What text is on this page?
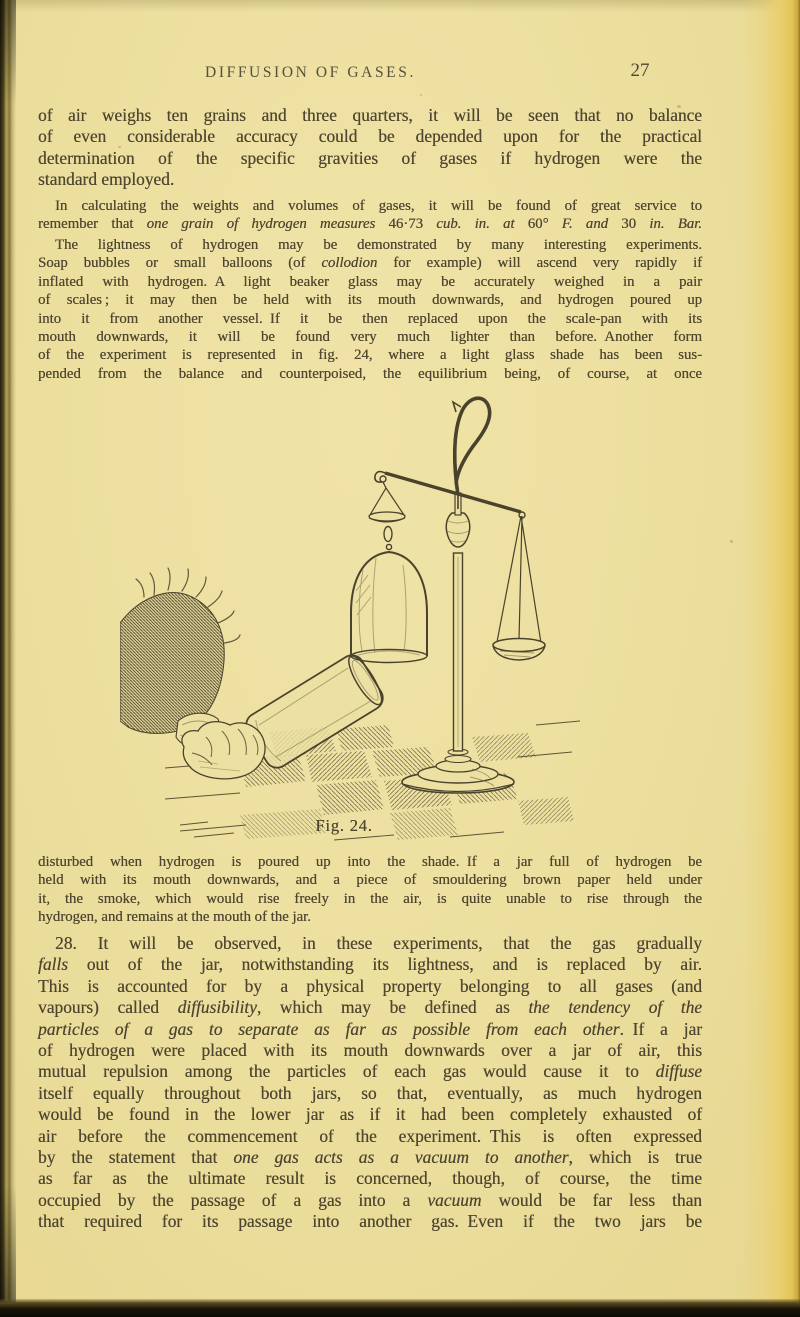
DIFFUSION OF GASES.	27
of air weighs ten grains and three quarters, it will be seen that no balance
of even considerable accuracy could be depended upon for the practical
determination of the specific gravities of gases if hydrogen were the
standard employed.
In calculating the weights and volumes of gases, it will be found of great service to
remember that one grain of hydrogen measures 46·73 cub. in. at 60° F. and 30 in. Bar.
The lightness of hydrogen may be demonstrated by many interesting experiments.
Soap bubbles or small balloons (of collodion for example) will ascend very rapidly if
inflated with hydrogen. A light beaker glass may be accurately weighed in a pair
of scales ; it may then be held with its mouth downwards, and hydrogen poured up
into it from another vessel. If it be then replaced upon the scale-pan with its
mouth downwards, it will be found very much lighter than before. Another form
of the experiment is represented in fig. 24, where a light glass shade has been sus-
pended from the balance and counterpoised, the equilibrium being, of course, at once
disturbed when hydrogen is poured up into the shade. If a jar full of hydrogen be
held with its mouth downwards, and a piece of smouldering brown paper held under
it, the smoke, which would rise freely in the air, is quite unable to rise through the
hydrogen, and remains at the mouth of the jar.
28. It will be observed, in these experiments, that the gas gradually
falls out of the jar, notwithstanding its lightness, and is replaced by air.
This is accounted for by a physical property belonging to all gases (and
vapours) called diffusibility, which may be defined as the tendency of the
particles of a gas to separate as far as possible from each other. If a jar
of hydrogen were placed with its mouth downwards over a jar of air, this
mutual repulsion among the particles of each gas would cause it to diffuse
itself equally throughout both jars, so that, eventually, as much hydrogen
would be found in the lower jar as if it had been completely exhausted of
air before the commencement of the experiment. This is often expressed
by the statement that one gas acts as a vacuum to another, which is true
as far as the ultimate result is concerned, though, of course, the time
occupied by the passage of a gas into a vacuum would be far less than
that required for its passage into another gas. Even if the two jars be
Fig. 24.
